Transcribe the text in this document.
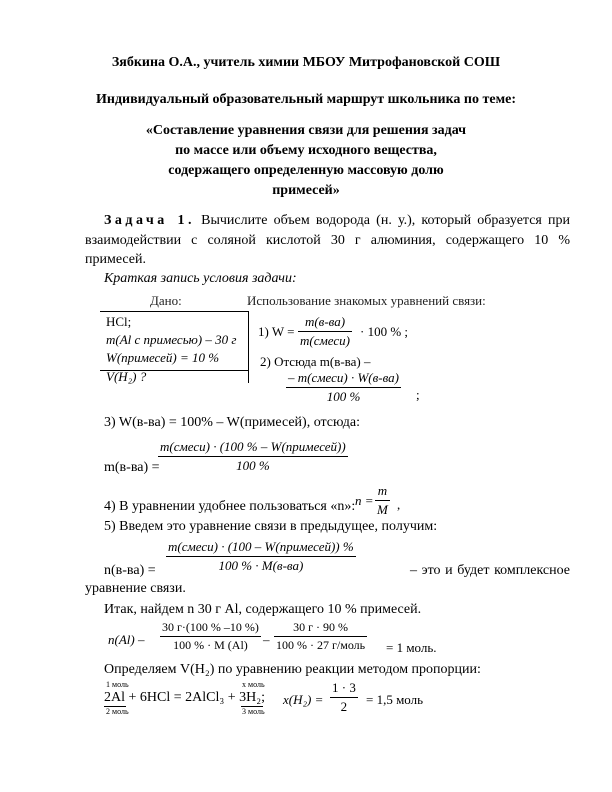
Зябкина О.А., учитель химии МБОУ Митрофановской СОШ
Индивидуальный образовательный маршрут школьника по теме:
«Составление уравнения связи для решения задач
по массе или объему исходного вещества,
содержащего определенную массовую долю
примесей»
Задача 1. Вычислите объем водорода (н. у.), который образуется при
взаимодействии с соляной кислотой 30 г алюминия, содержащего 10 %
примесей.
Краткая запись условия задачи:
Дано:	Использование знакомых уравнений связи:
HCl;
m(Al с примесью) – 30 г
W(примесей) = 10 %
V(H₂) ?
1) W =
m(в-ва)
m(смеси)
· 100 % ;
2) Отсюда m(в-ва) –
– m(смеси) · W(в-ва)
100 %	;
3) W(в-ва) = 100% – W(примесей), отсюда:
m(смеси) · (100 % – W(примесей))
100 %
m(в-ва) =
$\frac{m}{M}$
n = ,
4) В уравнении удобнее пользоваться «n»:
5) Введем это уравнение связи в предыдущее, получим:
m(смеси) · (100 – W(примесей)) %
100 % · M(в-ва)
n(в-ва) =	– это и будет комплексное
уравнение связи.
Итак, найдем n 30 г Al, содержащего 10 % примесей.
n(Al) –
30 г·(100 % –10 %)
100 % · M (Al)	–
30 г · 90 %
100 % · 27 г/моль = 1 моль.
Определяем V(H₂) по уравнению реакции методом пропорции:
1 моль	x моль
2Al + 6HCl = 2AlCl₃ + 3H₂;
2 моль	3 моль
$x(H_2) = \frac{1 \cdot 3}{2} = 1,5$ моль
